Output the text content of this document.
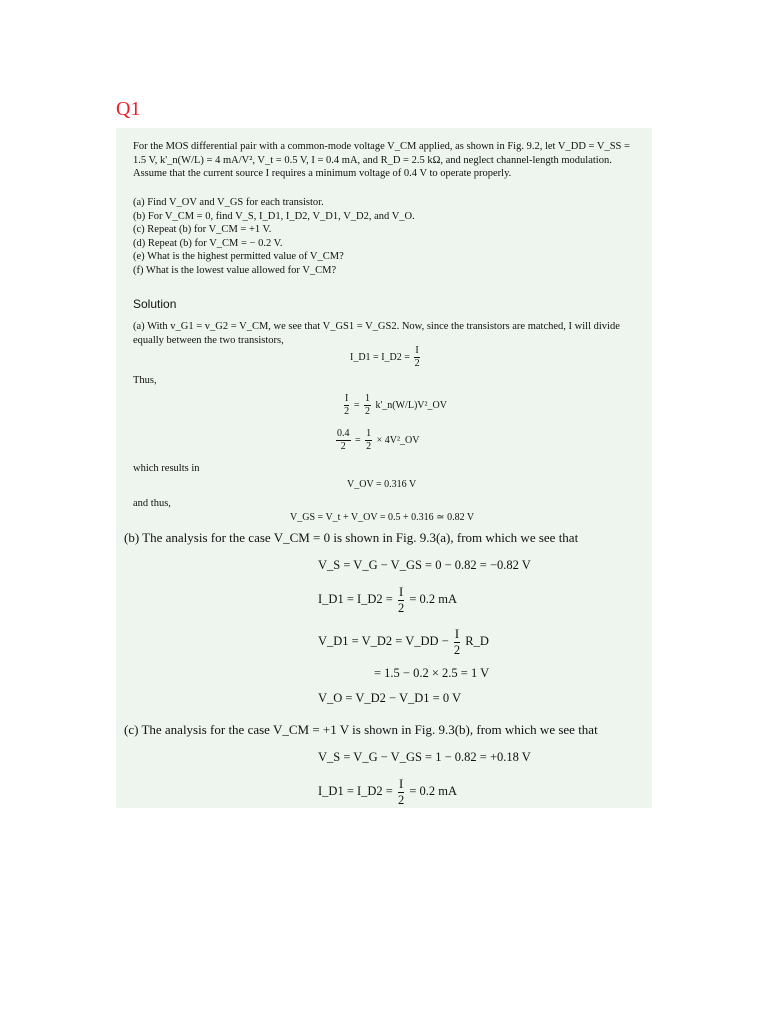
Q1
For the MOS differential pair with a common-mode voltage V_CM applied, as shown in Fig. 9.2, let V_DD = V_SS = 1.5 V, k'_n(W/L) = 4 mA/V², V_t = 0.5 V, I = 0.4 mA, and R_D = 2.5 kΩ, and neglect channel-length modulation. Assume that the current source I requires a minimum voltage of 0.4 V to operate properly.
(a) Find V_OV and V_GS for each transistor.
(b) For V_CM = 0, find V_S, I_D1, I_D2, V_D1, V_D2, and V_O.
(c) Repeat (b) for V_CM = +1 V.
(d) Repeat (b) for V_CM = − 0.2 V.
(e) What is the highest permitted value of V_CM?
(f) What is the lowest value allowed for V_CM?
Solution
(a) With v_G1 = v_G2 = V_CM, we see that V_GS1 = V_GS2. Now, since the transistors are matched, I will divide equally between the two transistors,
I_D1 = I_D2 = $\frac{I}{2}$
Thus,
$\frac{I}{2} = \frac{1}{2}$ k'_n(W/L)V²_OV
$\frac{0.4}{2} = \frac{1}{2}$ × 4V²_OV
which results in
V_OV = 0.316 V
and thus,
V_GS = V_t + V_OV = 0.5 + 0.316 ≃ 0.82 V
(b) The analysis for the case V_CM = 0 is shown in Fig. 9.3(a), from which we see that
V_S = V_G − V_GS = 0 − 0.82 = −0.82 V
I_D1 = I_D2 = $\frac{I}{2} = 0.2$ mA
V_D1 = V_D2 = V_DD − $\frac{I}{2}$ R_D
= 1.5 − 0.2 × 2.5 = 1 V
V_O = V_D2 − V_D1 = 0 V
(c) The analysis for the case V_CM = +1 V is shown in Fig. 9.3(b), from which we see that
V_S = V_G − V_GS = 1 − 0.82 = +0.18 V
I_D1 = I_D2 = $\frac{I}{2} = 0.2$ mA
